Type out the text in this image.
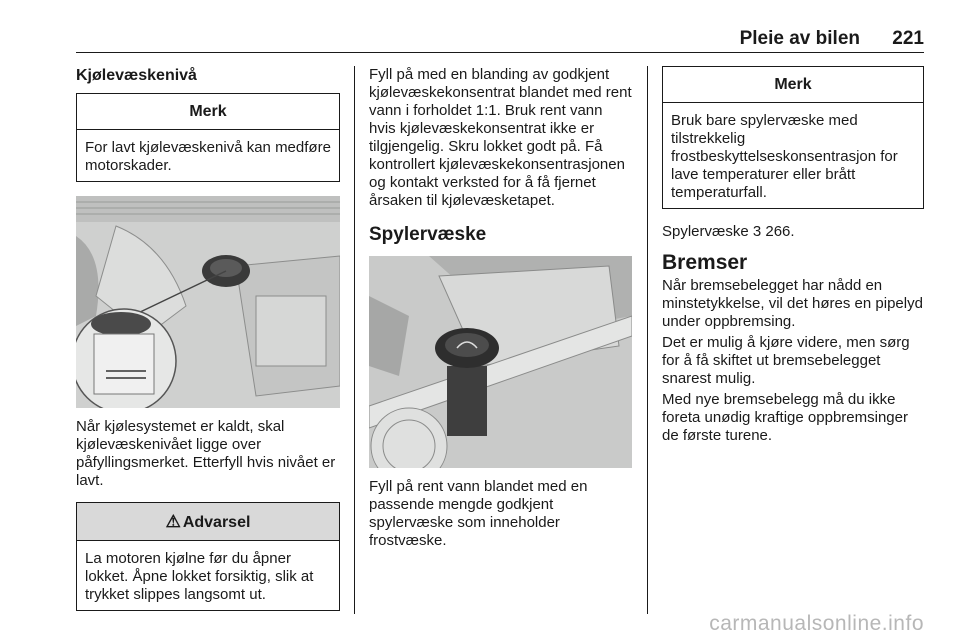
Pleie av bilen 221
Kjølevæskenivå
Merk
For lavt kjølevæskenivå kan medføre motorskader.

Når kjølesystemet er kaldt, skal kjølevæskenivået ligge over påfyllingsmerket. Etterfyll hvis nivået er lavt.

⚠ Advarsel
La motoren kjølne før du åpner lokket. Åpne lokket forsiktig, slik at trykket slippes langsomt ut.

Fyll på med en blanding av godkjent kjølevæskekonsentrat blandet med rent vann i forholdet 1:1. Bruk rent vann hvis kjølevæskekonsentrat ikke er tilgjengelig. Skru lokket godt på. Få kontrollert kjølevæskekonsentrasjonen og kontakt verksted for å få fjernet årsaken til kjølevæsketapet.

Spylervæske

Fyll på rent vann blandet med en passende mengde godkjent spylervæske som inneholder frostvæske.

Merk
Bruk bare spylervæske med tilstrekkelig frostbeskyttelseskonsentrasjon for lave temperaturer eller brått temperaturfall.

Spylervæske 3 266.

Bremser

Når bremsebelegget har nådd en minstetykkelse, vil det høres en pipelyd under oppbremsing.

Det er mulig å kjøre videre, men sørg for å få skiftet ut bremsebelegget snarest mulig.

Med nye bremsebelegg må du ikke foreta unødig kraftige oppbremsinger de første turene.

carmanualsonline.info
